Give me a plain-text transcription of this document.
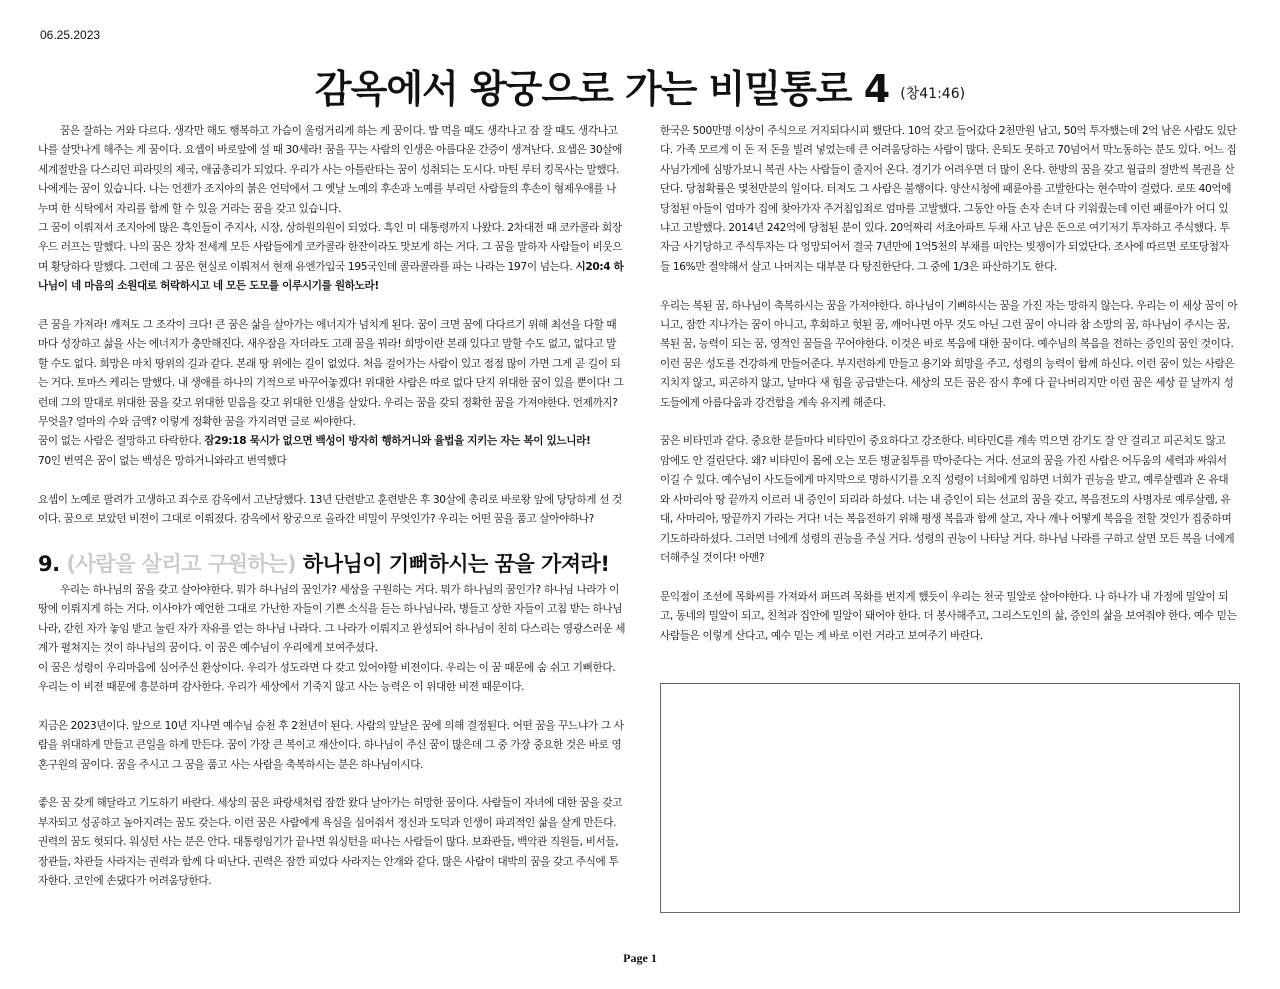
06.25.2023
감옥에서 왕궁으로 가는 비밀통로 4 (창41:46)

꿈은 잘하는 거와 다르다. 생각만 해도 행복하고 가슴이 울렁거리게 하는 게 꿈이다. 밥 먹을 때도 생각나고 잠 잘 때도 생각나고 나를 살맛나게 해주는 게 꿈이다. 요셉이 바로앞에 설 때 30세라! 꿈을 꾸는 사람의 인생은 아름다운 간증이 생겨난다. 요셉은 30살에 세계절반을 다스리던 피라밋의 제국, 애굽총리가 되었다. 우리가 사는 아틀란타는 꿈이 성취되는 도시다. 마틴 루터 킹목사는 말했다. 나에게는 꿈이 있습니다. 나는 언젠가 조지아의 붉은 언덕에서 그 옛날 노예의 후손과 노예를 부리던 사람들의 후손이 형제우애를 나누며 한 식탁에서 자리를 함께 할 수 있을 거라는 꿈을 갖고 있습니다.

그 꿈이 이뤄져서 조지아에 많은 흑인들이 주지사, 시장, 상하원의원이 되었다. 흑인 미 대통령까지 나왔다. 2차대전 때 코카콜라 회장 우드 러프는 말했다. 나의 꿈은 장차 전세계 모든 사람들에게 코카콜라 한잔이라도 맛보게 하는 거다. 그 꿈을 말하자 사람들이 비웃으며 황당하다 말했다. 그런데 그 꿈은 현실로 이뤄져서 현재 유엔가입국 195국인데 콜라콜라를 파는 나라는 197이 넘는다. 시20:4 하나님이 네 마음의 소원대로 허락하시고 네 모든 도모를 이루시기를 원하노라!

큰 꿈을 가져라! 깨져도 그 조각이 크다! 큰 꿈은 삶을 살아가는 에너지가 넘치게 된다. 꿈이 크면 꿈에 다다르기 위해 최선을 다할 때마다 성장하고 삶을 사는 에너지가 충만해진다. 새우잠을 자더라도 고래 꿈을 꿔라! 희망이란 본래 있다고 말할 수도 없고, 없다고 말할 수도 없다. 희망은 마치 땅위의 길과 같다. 본래 땅 위에는 길이 없었다. 처음 걸어가는 사람이 있고 점점 많이 가면 그게 곧 길이 되는 거다. 토마스 케리는 말했다. 내 생애를 하나의 기적으로 바꾸어놓겠다! 위대한 사람은 따로 없다 단지 위대한 꿈이 있을 뿐이다! 그런데 그의 말대로 위대한 꿈을 갖고 위대한 믿음을 갖고 위대한 인생을 살았다. 우리는 꿈을 갖되 정확한 꿈을 가져야한다. 언제까지? 무엇을? 얼마의 수와 금액? 이렇게 정확한 꿈을 가지려면 글로 써야한다.

꿈이 없는 사람은 절망하고 타락한다. 잠29:18 묵시가 없으면 백성이 방자히 행하거니와 율법을 지키는 자는 복이 있느니라!

70인 번역은 꿈이 없는 백성은 망하거니와라고 번역했다

요셉이 노예로 팔려가 고생하고 죄수로 감옥에서 고난당했다. 13년 단련받고 훈련받은 후 30살에 총리로 바로왕 앞에 당당하게 선 것이다. 꿈으로 보았던 비젼이 그대로 이뤄졌다. 감옥에서 왕궁으로 올라간 비밀이 무엇인가? 우리는 어떤 꿈을 품고 살아야하나?

9. (사람을 살리고 구원하는) 하나님이 기뻐하시는 꿈을 가져라!

우리는 하나님의 꿈을 갖고 살아야한다. 뭐가 하나님의 꿈인가? 세상을 구원하는 거다. 뭐가 하나님의 꿈인가? 하나님 나라가 이 땅에 이뤄지게 하는 거다. 이사야가 예언한 그대로 가난한 자들이 기쁜 소식을 듣는 하나님나라, 병들고 상한 자들이 고침 받는 하나님나라, 갇힌 자가 놓임 받고 눌린 자가 자유를 얻는 하나님 나라다. 그 나라가 이뤄지고 완성되어 하나님이 친히 다스리는 영광스러운 세계가 펼쳐지는 것이 하나님의 꿈이다. 이 꿈은 예수님이 우리에게 보여주셨다.

이 꿈은 성령이 우리마음에 심어주신 환상이다. 우리가 성도라면 다 갖고 있어야할 비젼이다. 우리는 이 꿈 때문에 숨 쉬고 기뻐한다. 우리는 이 비젼 때문에 흥분하며 감사한다. 우리가 세상에서 기죽지 않고 사는 능력은 이 위대한 비젼 때문이다.

지금은 2023년이다. 앞으로 10년 지나면 예수님 승천 후 2천년이 된다. 사람의 앞날은 꿈에 의해 결정된다. 어떤 꿈을 꾸느냐가 그 사람을 위대하게 만들고 큰일을 하게 만든다. 꿈이 가장 큰 복이고 재산이다. 하나님이 주신 꿈이 많은데 그 중 가장 중요한 것은 바로 영혼구원의 꿈이다. 꿈을 주시고 그 꿈을 품고 사는 사람을 축복하시는 분은 하나님이시다.

좋은 꿈 갖게 해달라고 기도하기 바란다. 세상의 꿈은 파랑새처럼 잠깐 왔다 날아가는 허망한 꿈이다. 사람들이 자녀에 대한 꿈을 갖고 부자되고 성공하고 높아지려는 꿈도 갖는다. 이런 꿈은 사람에게 욕심을 심어줘서 정신과 도덕과 인생이 파괴적인 삶을 살게 만든다. 권력의 꿈도 헛되다. 워싱턴 사는 분은 안다. 대통령임기가 끝나면 워싱턴을 떠나는 사람들이 많다. 보좌관들, 백악관 직원들, 비서들, 장관들, 차관들 사라지는 권력과 함께 다 떠난다. 권력은 잠깐 피었다 사라지는 안개와 같다. 많은 사람이 대박의 꿈을 갖고 주식에 투자한다. 코인에 손댔다가 어려움당한다.

한국은 500만명 이상이 주식으로 거지되다시피 했단다. 10억 갖고 들어갔다 2천만원 남고, 50억 투자했는데 2억 남은 사람도 있단다. 가족 모르게 이 돈 저 돈을 빌려 넣었는데 큰 어려움당하는 사람이 많다. 은퇴도 못하고 70넘어서 막노동하는 분도 있다. 어느 집사님가게에 심방가보니 복권 사는 사람들이 줄지어 온다. 경기가 어려우면 더 많이 온다. 한방의 꿈을 갖고 월급의 절반씩 복권을 산단다. 당첨확률은 몇천만분의 일이다. 터져도 그 사람은 불행이다. 양산시청에 패륜아를 고발한다는 현수막이 걸렸다. 로또 40억에 당첨된 아들이 엄마가 집에 찾아가자 주거침입죄로 엄마를 고발했다. 그동안 아들 손자 손녀 다 키워줬는데 이런 패륜아가 어디 있냐고 고발했다. 2014년 242억에 당첨된 분이 있다. 20억짜리 서초아파트 두채 사고 남은 돈으로 여기저기 투자하고 주식했다. 투자금 사기당하고 주식투자는 다 엉망되어서 결국 7년만에 1억5천의 부채를 떠안는 빚쟁이가 되었단다. 조사에 따르면 로또당첨자들 16%만 절약해서 살고 나머지는 대부분 다 탕진한단다. 그 중에 1/3은 파산하기도 한다.

우리는 복된 꿈, 하나님이 축복하시는 꿈을 가져야한다. 하나님이 기뻐하시는 꿈을 가진 자는 망하지 않는다. 우리는 이 세상 꿈이 아니고, 잠깐 지나가는 꿈이 아니고, 후회하고 헛된 꿈, 깨어나면 아무 것도 아닌 그런 꿈이 아니라 참 소망의 꿈, 하나님이 주시는 꿈, 복된 꿈, 능력이 되는 꿈, 영적인 꿈들을 꾸어야한다. 이것은 바로 복음에 대한 꿈이다. 예수님의 복음을 전하는 증인의 꿈인 것이다. 이런 꿈은 성도를 건강하게 만들어준다. 부지런하게 만들고 용기와 희망을 주고, 성령의 능력이 함께 하신다. 이런 꿈이 있는 사람은 지치지 않고, 피곤하지 않고, 날마다 새 힘을 공급받는다. 세상의 모든 꿈은 잠시 후에 다 끝나버리지만 이런 꿈은 세상 끝 날까지 성도들에게 아름다움과 강건함을 계속 유지케 해준다.

꿈은 비타민과 같다. 중요한 분들마다 비타민이 중요하다고 강조한다. 비타민C를 계속 먹으면 감기도 잘 안 걸리고 피곤치도 않고 암에도 안 걸린단다. 왜? 비타민이 몸에 오는 모든 병균침투를 막아준다는 거다. 선교의 꿈을 가진 사람은 어두움의 세력과 싸워서 이길 수 있다. 예수님이 사도들에게 마지막으로 명하시기를 오직 성령이 너희에게 임하면 너희가 권능을 받고, 예루살렘과 온 유대와 사마리아 땅 끝까지 이르러 내 증인이 되리라 하셨다. 너는 내 증인이 되는 선교의 꿈을 갖고, 복음전도의 사명자로 예루살렘, 유대, 사마리아, 땅끝까지 가라는 거다! 너는 복음전하기 위해 평생 복음과 함께 살고, 자나 깨나 어떻게 복음을 전할 것인가 집중하며 기도하라하셨다. 그러면 너에게 성령의 권능을 주실 거다. 성령의 권능이 나타날 거다. 하나님 나라를 구하고 살면 모든 복을 너에게 더해주실 것이다! 아멘?

문익점이 조선에 목화씨를 가져와서 퍼뜨려 목화를 번지게 했듯이 우리는 천국 밀알로 살아야한다. 나 하나가 내 가정에 밀알이 되고, 동네의 밀알이 되고, 친척과 집안에 밀알이 돼어야 한다. 더 봉사해주고, 그리스도인의 삶, 증인의 삶을 보여줘야 한다. 예수 믿는 사람들은 이렇게 산다고, 예수 믿는 게 바로 이런 거라고 보여주기 바란다.

Page 1
